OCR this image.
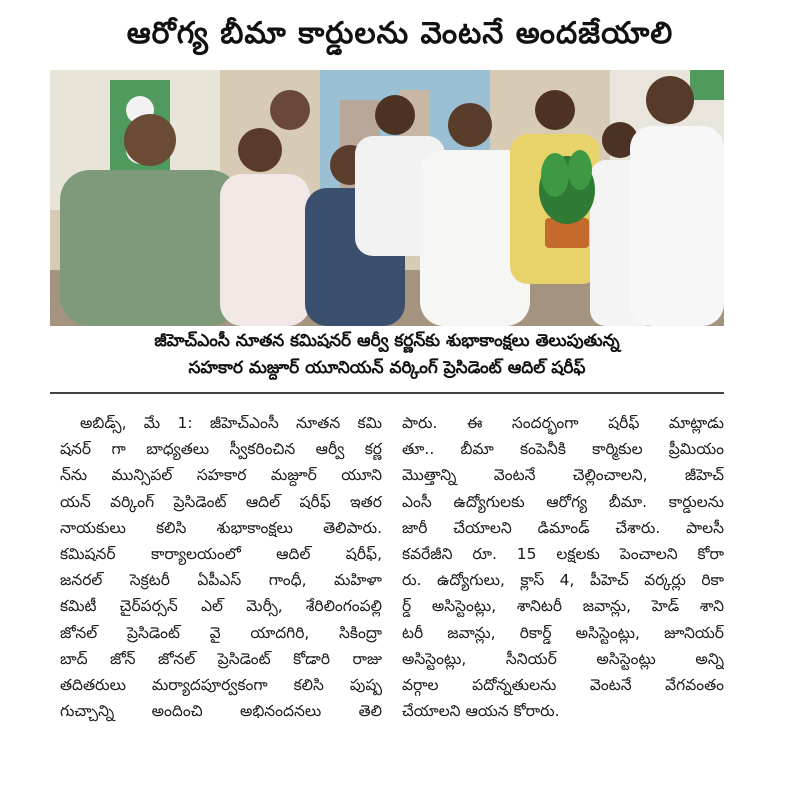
ఆరోగ్య బీమా కార్డులను వెంటనే అందజేయాలి
జీహెచ్ఎంసీ నూతన కమిషనర్ ఆర్వీ కర్ణన్‌కు శుభాకాంక్షలు తెలుపుతున్న
సహకార మజ్దూర్ యూనియన్ వర్కింగ్ ప్రెసిడెంట్ ఆదిల్ షరీఫ్
అబిడ్స్, మే 1: జీహెచ్ఎంసీ నూతన కమి
షనర్ గా బాధ్యతలు స్వీకరించిన ఆర్వీ కర్ణ
న్‌ను మున్సిపల్ సహకార మజ్దూర్ యూని
యన్ వర్కింగ్ ప్రెసిడెంట్ ఆదిల్ షరీఫ్ ఇతర
నాయకులు కలిసి శుభాకాంక్షలు తెలిపారు.
కమిషనర్ కార్యాలయంలో ఆదిల్ షరీఫ్,
జనరల్ సెక్రటరీ ఏపీఎస్ గాంధీ, మహిళా
కమిటీ చైర్‌పర్సన్ ఎల్ మెర్సీ, శేరిలింగంపల్లి
జోనల్ ప్రెసిడెంట్ వై యాదగిరి, సికింద్రా
బాద్ జోన్ జోనల్ ప్రెసిడెంట్ కోడారి రాజు
తదితరులు మర్యాదపూర్వకంగా కలిసి పుష్ప
గుచ్చాన్ని అందించి అభినందనలు తెలి
పారు. ఈ సందర్భంగా షరీఫ్ మాట్లాడు
తూ.. బీమా కంపెనీకి కార్మికుల ప్రీమియం
మొత్తాన్ని వెంటనే చెల్లించాలని, జీహెచ్
ఎంసీ ఉద్యోగులకు ఆరోగ్య బీమా. కార్డులను
జారీ చేయాలని డిమాండ్ చేశారు. పాలసీ
కవరేజీని రూ. 15 లక్షలకు పెంచాలని కోరా
రు. ఉద్యోగులు, క్లాస్ 4, పీహెచ్ వర్కర్లు రికా
ర్డ్ అసిస్టెంట్లు, శానిటరీ జవాన్లు, హెడ్ శాని
టరీ జవాన్లు, రికార్డ్ అసిస్టెంట్లు, జూనియర్
అసిస్టెంట్లు, సీనియర్ అసిస్టెంట్లు అన్ని
వర్గాల పదోన్నతులను వెంటనే వేగవంతం
చేయాలని ఆయన కోరారు.
